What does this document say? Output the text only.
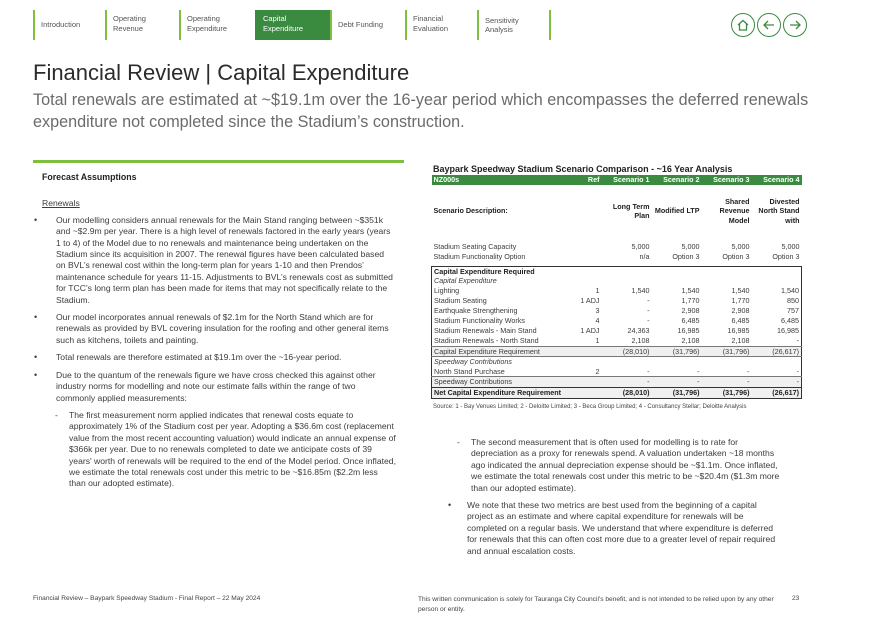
Introduction
Operating
Revenue
Operating
Expenditure
Capital
Expenditure	Debt Funding
Financial
Evaluation
Sensitivity Analysis
Financial Review | Capital Expenditure
Total renewals are estimated at ~$19.1m over the 16-year period which encompasses the deferred renewals expenditure not completed since the Stadium’s construction.
Forecast Assumptions
Renewals
•	Our modelling considers annual renewals for the Main Stand ranging between ~$351k and ~$2.9m per year. There is a high level of renewals factored in the early years (years 1 to 4) of the Model due to no renewals and maintenance being undertaken on the Stadium since its acquisition in 2007. The renewal figures have been calculated based on BVL’s renewal cost within the long-term plan for years 1-10 and then Prendos’ maintenance schedule for years 11-15. Adjustments to BVL’s renewals cost as submitted for TCC’s long term plan has been made for items that may not specifically relate to the Stadium.
•	Our model incorporates annual renewals of $2.1m for the North Stand which are for renewals as provided by BVL covering insulation for the roofing and other general items such as kitchens, toilets and painting.
•	Total renewals are therefore estimated at $19.1m over the ~16-year period.
•	Due to the quantum of the renewals figure we have cross checked this against other industry norms for modelling and note our estimate falls within the range of two commonly applied measurements:
-	The first measurement norm applied indicates that renewal costs equate to approximately 1% of the Stadium cost per year. Adopting a $36.6m cost (replacement value from the most recent accounting valuation) would indicate an annual expense of $366k per year. Due to no renewals completed to date we anticipate costs of 39 years' worth of renewals will be required to the end of the Model period. Once inflated, we estimate the total renewals cost under this metric to be ~$16.85m ($2.2m less than our adopted estimate).
Baypark Speedway Stadium Scenario Comparison - ~16 Year Analysis
NZ000s	Ref	Scenario 1	Scenario 2	Scenario 3	Scenario 4
Scenario Description:		Long Term Plan	Modified LTP	Shared Revenue Model	Divested North Stand with

Stadium Seating Capacity		5,000	5,000	5,000	5,000
Stadium Functionality Option		n/a	Option 3	Option 3	Option 3

Capital Expenditure Required					
Capital Expenditure					
Lighting	1	1,540	1,540	1,540	1,540
Stadium Seating	1 ADJ	-	1,770	1,770	850
Earthquake Strengthening	3	-	2,908	2,908	757
Stadium Functionality Works	4	-	6,485	6,485	6,485
Stadium Renewals - Main Stand	1 ADJ	24,363	16,985	16,985	16,985
Stadium Renewals - North Stand	1	2,108	2,108	2,108	-
Capital Expenditure Requirement		(28,010)	(31,796)	(31,796)	(26,617)
Speedway Contributions					
North Stand Purchase	2	-	-	-	-
Speedway Contributions		-	-	-	-
Net Capital Expenditure Requirement		(28,010)	(31,796)	(31,796)	(26,617)
Source: 1 - Bay Venues Limited; 2 - Deloitte Limited; 3 - Beca Group Limited; 4 - Consultancy Stellar; Deloitte Analysis
-	The second measurement that is often used for modelling is to rate for depreciation as a proxy for renewals spend. A valuation undertaken ~18 months ago indicated the annual depreciation expense should be ~$1.1m. Once inflated, we estimate the total renewals cost under this metric to be ~$20.4m ($1.3m more than our adopted estimate).
•	We note that these two metrics are best used from the beginning of a capital project as an estimate and where capital expenditure for renewals will be completed on a regular basis. We understand that where expenditure is deferred for renewals that this can often cost more due to a greater level of repair required and annual escalation costs.
Financial Review – Baypark Speedway Stadium - Final Report – 22 May 2024	This written communication is solely for Tauranga City Council’s benefit, and is not intended to be relied upon by any other person or entity.
23
